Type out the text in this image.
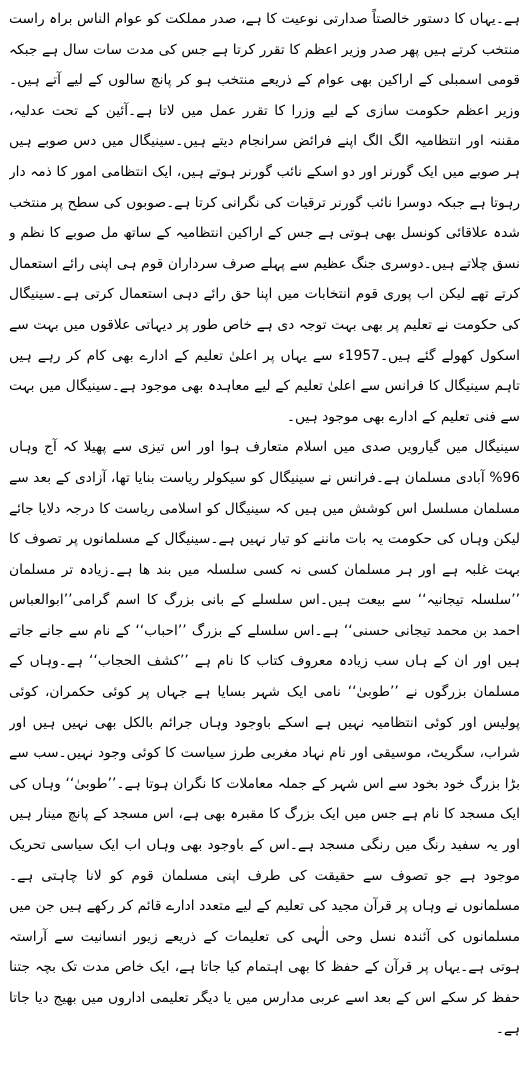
ہے۔یہاں کا دستور خالصتاً صدارتی نوعیت کا ہے، صدر مملکت کو عوام الناس براہ راست منتخب کرتے ہیں پھر صدر وزیر اعظم کا تقرر کرتا ہے جس کی مدت سات سال ہے جبکہ قومی اسمبلی کے اراکین بھی عوام کے ذریعے منتخب ہو کر پانچ سالوں کے لیے آتے ہیں۔وزیر اعظم حکومت سازی کے لیے وزرا کا تقرر عمل میں لاتا ہے۔آئین کے تحت عدلیہ، مقننہ اور انتظامیہ الگ الگ اپنے فرائض سرانجام دیتے ہیں۔سینیگال میں دس صوبے ہیں ہر صوبے میں ایک گورنر اور دو اسکے نائب گورنر ہوتے ہیں، ایک انتظامی امور کا ذمہ دار رہوتا ہے جبکہ دوسرا نائب گورنر ترقیات کی نگرانی کرتا ہے۔صوبوں کی سطح پر منتخب شدہ علاقائی کونسل بھی ہوتی ہے جس کے اراکین انتظامیہ کے ساتھ مل صوبے کا نظم و نسق چلاتے ہیں۔دوسری جنگ عظیم سے پہلے صرف سرداران قوم ہی اپنی رائے استعمال کرتے تھے لیکن اب پوری قوم انتخابات میں اپنا حق رائے دہی استعمال کرتی ہے۔سینیگال کی حکومت نے تعلیم پر بھی بہت توجہ دی ہے خاص طور پر دیہاتی علاقوں میں بہت سے اسکول کھولے گئے ہیں۔1957ء سے یہاں پر اعلیٰ تعلیم کے ادارے بھی کام کر رہے ہیں تاہم سینیگال کا فرانس سے اعلیٰ تعلیم کے لیے معاہدہ بھی موجود ہے۔سینیگال میں بہت سے فنی تعلیم کے ادارے بھی موجود ہیں۔

سینیگال میں گیارویں صدی میں اسلام متعارف ہوا اور اس تیزی سے پھیلا کہ آج وہاں 96% آبادی مسلمان ہے۔فرانس نے سینیگال کو سیکولر ریاست بنایا تھا، آزادی کے بعد سے مسلمان مسلسل اس کوشش میں ہیں کہ سینیگال کو اسلامی ریاست کا درجہ دلایا جائے لیکن وہاں کی حکومت یہ بات ماننے کو تیار نہیں ہے۔سینیگال کے مسلمانوں پر تصوف کا بہت غلبہ ہے اور ہر مسلمان کسی نہ کسی سلسلہ میں بند ھا ہے۔زیادہ تر مسلمان ’’سلسلہ تیجانیہ‘‘ سے بیعت ہیں۔اس سلسلے کے بانی بزرگ کا اسم گرامی’’ابوالعباس احمد بن محمد تیجانی حسنی‘‘ ہے۔اس سلسلے کے بزرگ ’’احباب‘‘ کے نام سے جانے جاتے ہیں اور ان کے ہاں سب زیادہ معروف کتاب کا نام ہے ’’کشف الحجاب‘‘ ہے۔وہاں کے مسلمان بزرگوں نے ’’طوبیٰ‘‘ نامی ایک شہر بسایا ہے جہاں پر کوئی حکمران، کوئی پولیس اور کوئی انتظامیہ نہیں ہے اسکے باوجود وہاں جرائم بالکل بھی نہیں ہیں اور شراب، سگریٹ، موسیقی اور نام نہاد مغربی طرز سیاست کا کوئی وجود نہیں۔سب سے بڑا بزرگ خود بخود سے اس شہر کے جملہ معاملات کا نگران ہوتا ہے۔’’طوبیٰ‘‘ وہاں کی ایک مسجد کا نام ہے جس میں ایک بزرگ کا مقبرہ بھی ہے، اس مسجد کے پانچ مینار ہیں اور یہ سفید رنگ میں رنگی مسجد ہے۔اس کے باوجود بھی وہاں اب ایک سیاسی تحریک موجود ہے جو تصوف سے حقیقت کی طرف اپنی مسلمان قوم کو لانا چاہتی ہے۔مسلمانوں نے وہاں پر قرآن مجید کی تعلیم کے لیے متعدد ادارے قائم کر رکھے ہیں جن میں مسلمانوں کی آئندہ نسل وحی الٰہی کی تعلیمات کے ذریعے زیور انسانیت سے آراستہ ہوتی ہے۔یہاں پر قرآن کے حفظ کا بھی اہتمام کیا جاتا ہے، ایک خاص مدت تک بچہ جتنا حفظ کر سکے اس کے بعد اسے عربی مدارس میں یا دیگر تعلیمی اداروں میں بھیج دیا جاتا ہے۔
